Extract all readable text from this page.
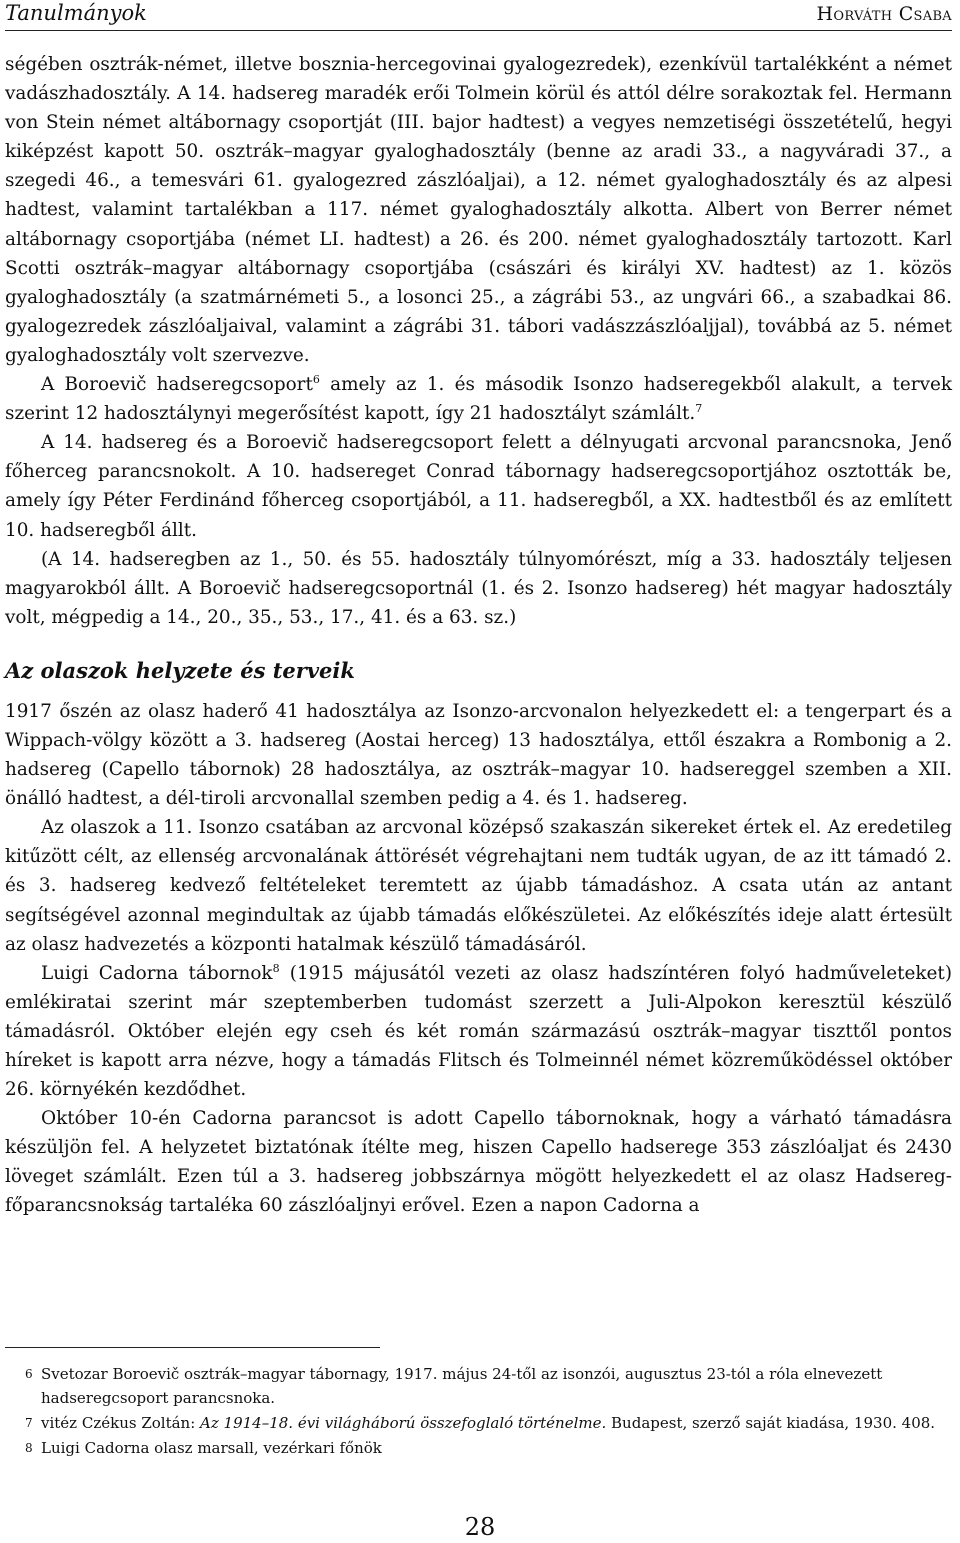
Tanulmányok	Horváth Csaba

ségében osztrák-német, illetve bosznia-hercegovinai gyalogezredek), ezenkívül tartalékként a német vadászhadosztály. A 14. hadsereg maradék erői Tolmein körül és attól délre sorakoztak fel. Hermann von Stein német altábornagy csoportját (III. bajor hadtest) a vegyes nemzetiségi összetételű, hegyi kiképzést kapott 50. osztrák–magyar gyaloghadosztály (benne az aradi 33., a nagyváradi 37., a szegedi 46., a temesvári 61. gyalogezred zászlóaljai), a 12. német gyaloghadosztály és az alpesi hadtest, valamint tartalékban a 117. német gyaloghadosztály alkotta. Albert von Berrer német altábornagy csoportjába (német LI. hadtest) a 26. és 200. német gyaloghadosztály tartozott. Karl Scotti osztrák–magyar altábornagy csoportjába (császári és királyi XV. hadtest) az 1. közös gyaloghadosztály (a szatmárnémeti 5., a losonci 25., a zágrábi 53., az ungvári 66., a szabadkai 86. gyalogezredek zászlóaljaival, valamint a zágrábi 31. tábori vadászzászlóaljjal), továbbá az 5. német gyaloghadosztály volt szervezve.

A Boroevič hadseregcsoport$^6$ amely az 1. és második Isonzo hadseregekből alakult, a tervek szerint 12 hadosztálynyi megerősítést kapott, így 21 hadosztályt számlált.$^7$

A 14. hadsereg és a Boroevič hadseregcsoport felett a délnyugati arcvonal parancsnoka, Jenő főherceg parancsnokolt. A 10. hadsereget Conrad tábornagy hadseregcsoportjához osztották be, amely így Péter Ferdinánd főherceg csoportjából, a 11. hadseregből, a XX. hadtestből és az említett 10. hadseregből állt.

(A 14. hadseregben az 1., 50. és 55. hadosztály túlnyomórészt, míg a 33. hadosztály teljesen magyarokból állt. A Boroevič hadseregcsoportnál (1. és 2. Isonzo hadsereg) hét magyar hadosztály volt, mégpedig a 14., 20., 35., 53., 17., 41. és a 63. sz.)

Az olaszok helyzete és terveik

1917 őszén az olasz haderő 41 hadosztálya az Isonzo-arcvonalon helyezkedett el: a tengerpart és a Wippach-völgy között a 3. hadsereg (Aostai herceg) 13 hadosztálya, ettől északra a Rombonig a 2. hadsereg (Capello tábornok) 28 hadosztálya, az osztrák–magyar 10. hadsereggel szemben a XII. önálló hadtest, a dél-tiroli arcvonallal szemben pedig a 4. és 1. hadsereg.

Az olaszok a 11. Isonzo csatában az arcvonal középső szakaszán sikereket értek el. Az eredetileg kitűzött célt, az ellenség arcvonalának áttörését végrehajtani nem tudták ugyan, de az itt támadó 2. és 3. hadsereg kedvező feltételeket teremtett az újabb támadáshoz. A csata után az antant segítségével azonnal megindultak az újabb támadás előkészületei. Az előkészítés ideje alatt értesült az olasz hadvezetés a központi hatalmak készülő támadásáról.

Luigi Cadorna tábornok$^8$ (1915 májusától vezeti az olasz hadszíntéren folyó hadműveleteket) emlékiratai szerint már szeptemberben tudomást szerzett a Juli-Alpokon keresztül készülő támadásról. Október elején egy cseh és két román származású osztrák–magyar tiszttől pontos híreket is kapott arra nézve, hogy a támadás Flitsch és Tolmeinnél német közreműködéssel október 26. környékén kezdődhet.

Október 10-én Cadorna parancsot is adott Capello tábornoknak, hogy a várható támadásra készüljön fel. A helyzetet biztatónak ítélte meg, hiszen Capello hadserege 353 zászlóaljat és 2430 löveget számlált. Ezen túl a 3. hadsereg jobbszárnya mögött helyezkedett el az olasz Hadsereg-főparancsnokság tartaléka 60 zászlóaljnyi erővel. Ezen a napon Cadorna a

6 Svetozar Boroevič osztrák–magyar tábornagy, 1917. május 24-től az isonzói, augusztus 23-tól a róla elnevezett hadseregcsoport parancsnoka.
7 vitéz Czékus Zoltán: Az 1914–18. évi világháború összefoglaló történelme. Budapest, szerző saját kiadása, 1930. 408.
8 Luigi Cadorna olasz marsall, vezérkari főnök
28
